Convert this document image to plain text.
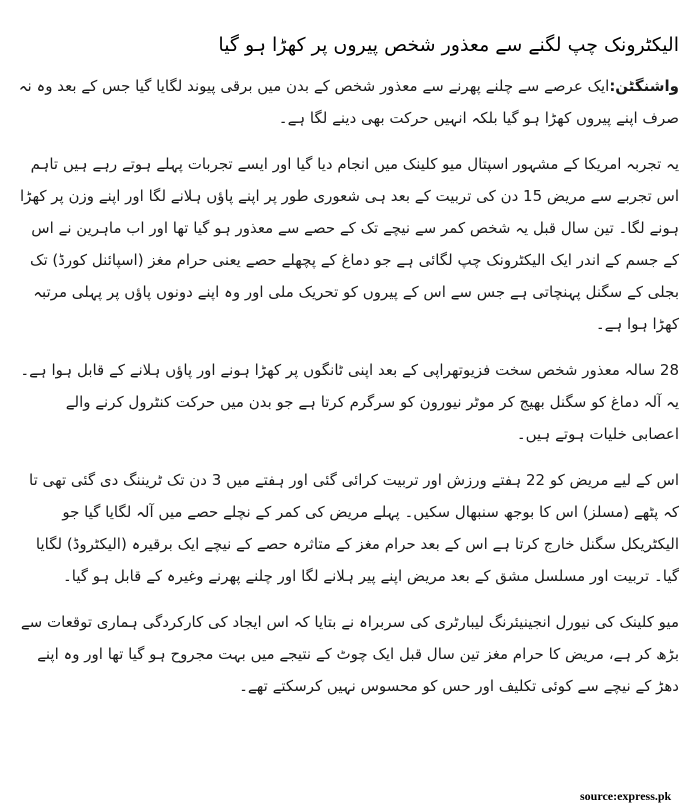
الیکٹرونک چپ لگنے سے معذور شخص پیروں پر کھڑا ہو گیا

واشنگٹن:ایک عرصے سے چلنے پھرنے سے معذور شخص کے بدن میں برقی پیوند لگایا گیا جس کے بعد وہ نہ صرف اپنے پیروں کھڑا ہو گیا بلکہ انہیں حرکت بھی دینے لگا ہے۔

یہ تجربہ امریکا کے مشہور اسپتال میو کلینک میں انجام دیا گیا اور ایسے تجربات پہلے ہوتے رہے ہیں تاہم اس تجربے سے مریض 15 دن کی تربیت کے بعد ہی شعوری طور پر اپنے پاؤں ہلانے لگا اور اپنے وزن پر کھڑا ہونے لگا۔ تین سال قبل یہ شخص کمر سے نیچے تک کے حصے سے معذور ہو گیا تھا اور اب ماہرین نے اس کے جسم کے اندر ایک الیکٹرونک چپ لگائی ہے جو دماغ کے پچھلے حصے یعنی حرام مغز (اسپائنل کورڈ) تک بجلی کے سگنل پہنچاتی ہے جس سے اس کے پیروں کو تحریک ملی اور وہ اپنے دونوں پاؤں پر پہلی مرتبہ کھڑا ہوا ہے۔

28 سالہ معذور شخص سخت فزیوتھراپی کے بعد اپنی ٹانگوں پر کھڑا ہونے اور پاؤں ہلانے کے قابل ہوا ہے۔ یہ آلہ دماغ کو سگنل بھیج کر موٹر نیورون کو سرگرم کرتا ہے جو بدن میں حرکت کنٹرول کرنے والے اعصابی خلیات ہوتے ہیں۔

اس کے لیے مریض کو 22 ہفتے ورزش اور تربیت کرائی گئی اور ہفتے میں 3 دن تک ٹریننگ دی گئی تھی تا کہ پٹھے (مسلز) اس کا بوجھ سنبھال سکیں۔ پہلے مریض کی کمر کے نچلے حصے میں آلہ لگایا گیا جو الیکٹریکل سگنل خارج کرتا ہے اس کے بعد حرام مغز کے متاثرہ حصے کے نیچے ایک برقیرہ (الیکٹروڈ) لگایا گیا۔ تربیت اور مسلسل مشق کے بعد مریض اپنے پیر ہلانے لگا اور چلنے پھرنے وغیرہ کے قابل ہو گیا۔

میو کلینک کی نیورل انجینیئرنگ لیبارٹری کی سربراہ نے بتایا کہ اس ایجاد کی کارکردگی ہماری توقعات سے بڑھ کر ہے، مریض کا حرام مغز تین سال قبل ایک چوٹ کے نتیجے میں بہت مجروح ہو گیا تھا اور وہ اپنے دھڑ کے نیچے سے کوئی تکلیف اور حس کو محسوس نہیں کرسکتے تھے۔

source:express.pk
